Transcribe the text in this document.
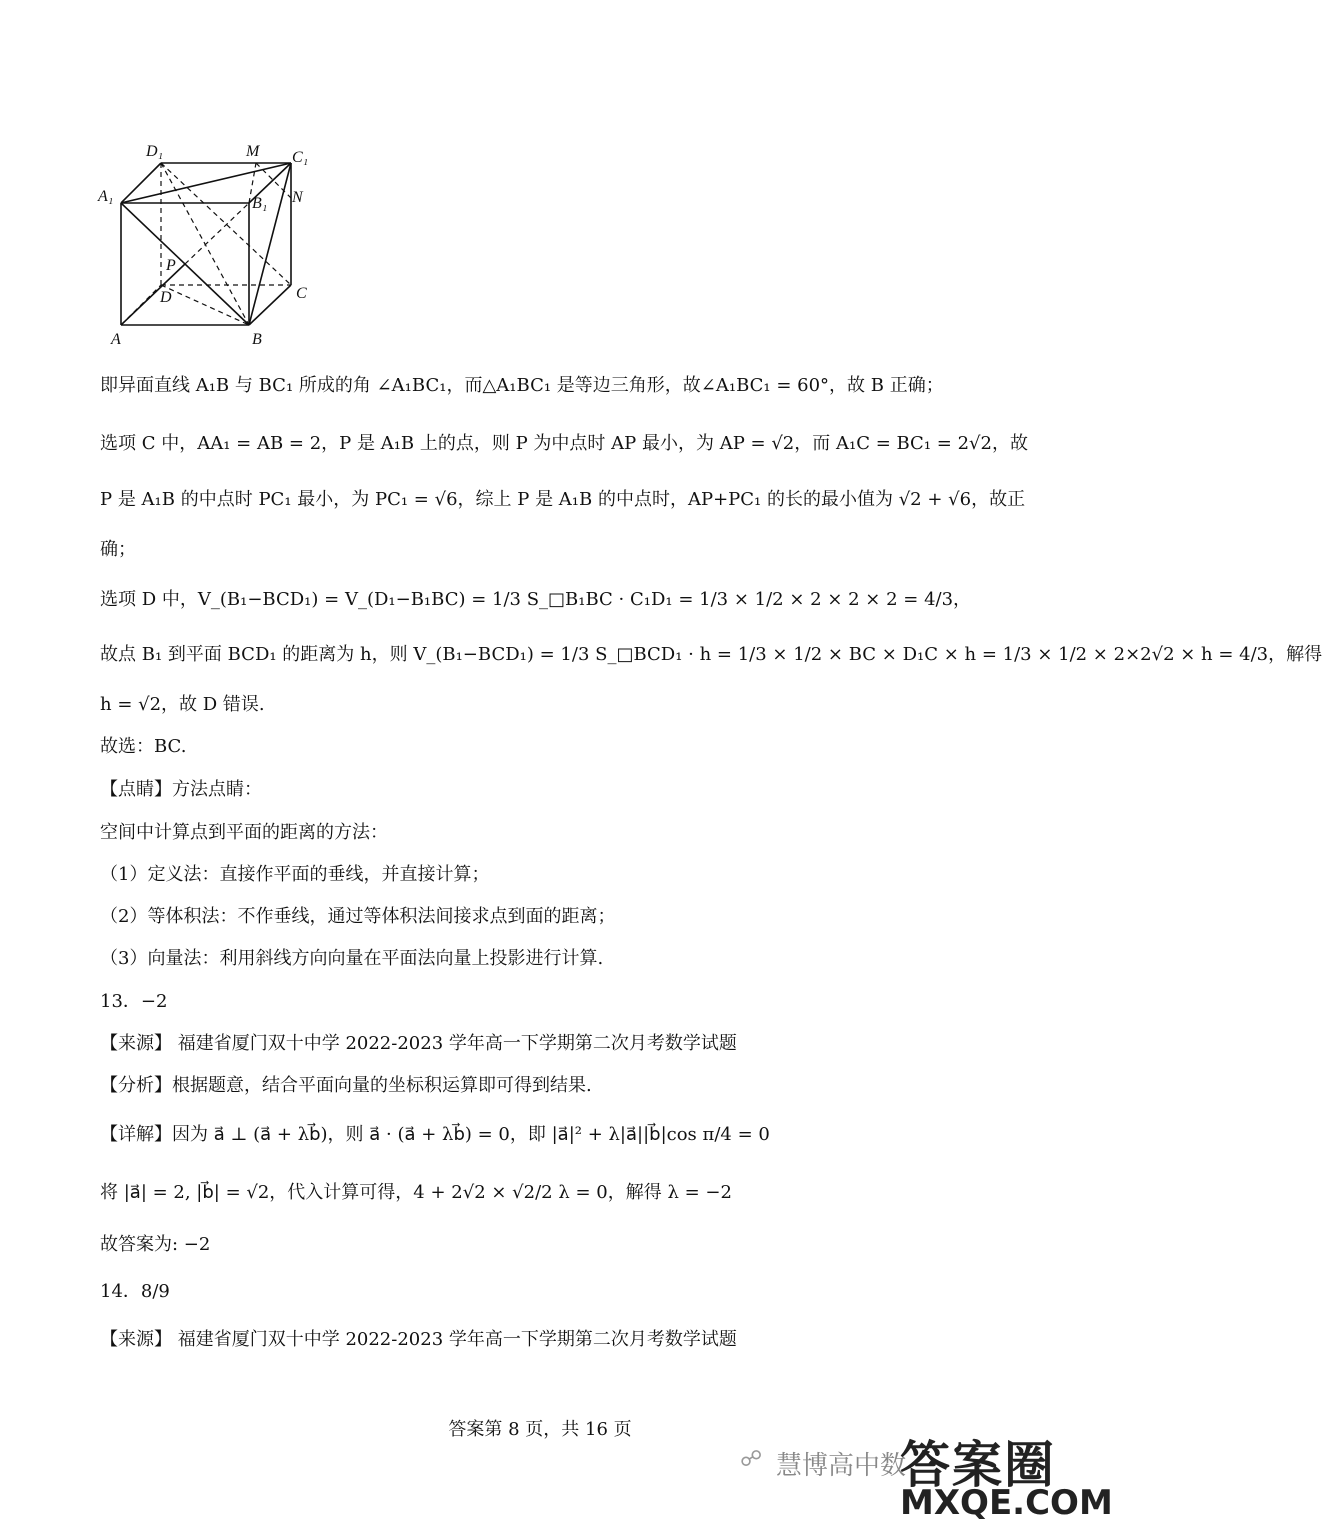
D₁	M C₁
A₁	B₁ N
P
D	C
A	B
即异面直线 A₁B 与 BC₁ 所成的角 ∠A₁BC₁，而△A₁BC₁ 是等边三角形，故∠A₁BC₁ = 60°，故 B 正确；
选项 C 中，AA₁ = AB = 2，P 是 A₁B 上的点，则 P 为中点时 AP 最小，为 AP = √2，而 A₁C = BC₁ = 2√2，故
P 是 A₁B 的中点时 PC₁ 最小，为 PC₁ = √6，综上 P 是 A₁B 的中点时，AP+PC₁ 的长的最小值为 √2 + √6，故正
确；
选项 D 中，V_(B₁−BCD₁) = V_(D₁−B₁BC) = 1/3 S_□B₁BC · C₁D₁ = 1/3 × 1/2 × 2 × 2 × 2 = 4/3，
故点 B₁ 到平面 BCD₁ 的距离为 h，则 V_(B₁−BCD₁) = 1/3 S_□BCD₁ · h = 1/3 × 1/2 × BC × D₁C × h = 1/3 × 1/2 × 2×2√2 × h = 4/3，解得
h = √2，故 D 错误.
故选：BC.
【点睛】方法点睛：
空间中计算点到平面的距离的方法：
（1）定义法：直接作平面的垂线，并直接计算；
（2）等体积法：不作垂线，通过等体积法间接求点到面的距离；
（3）向量法：利用斜线方向向量在平面法向量上投影进行计算.
13．−2
【来源】 福建省厦门双十中学 2022-2023 学年高一下学期第二次月考数学试题
【分析】根据题意，结合平面向量的坐标积运算即可得到结果.
【详解】因为 a⃗ ⊥ (a⃗ + λb⃗)，则 a⃗ · (a⃗ + λb⃗) = 0，即 |a⃗|² + λ|a⃗||b⃗|cos π/4 = 0
将 |a⃗| = 2, |b⃗| = √2，代入计算可得，4 + 2√2 × √2/2 λ = 0，解得 λ = −2
故答案为: −2
14．8/9
【来源】 福建省厦门双十中学 2022-2023 学年高一下学期第二次月考数学试题
答案第 8 页，共 16 页
☍ 慧博高中数
答案圈
MXQE.COM
